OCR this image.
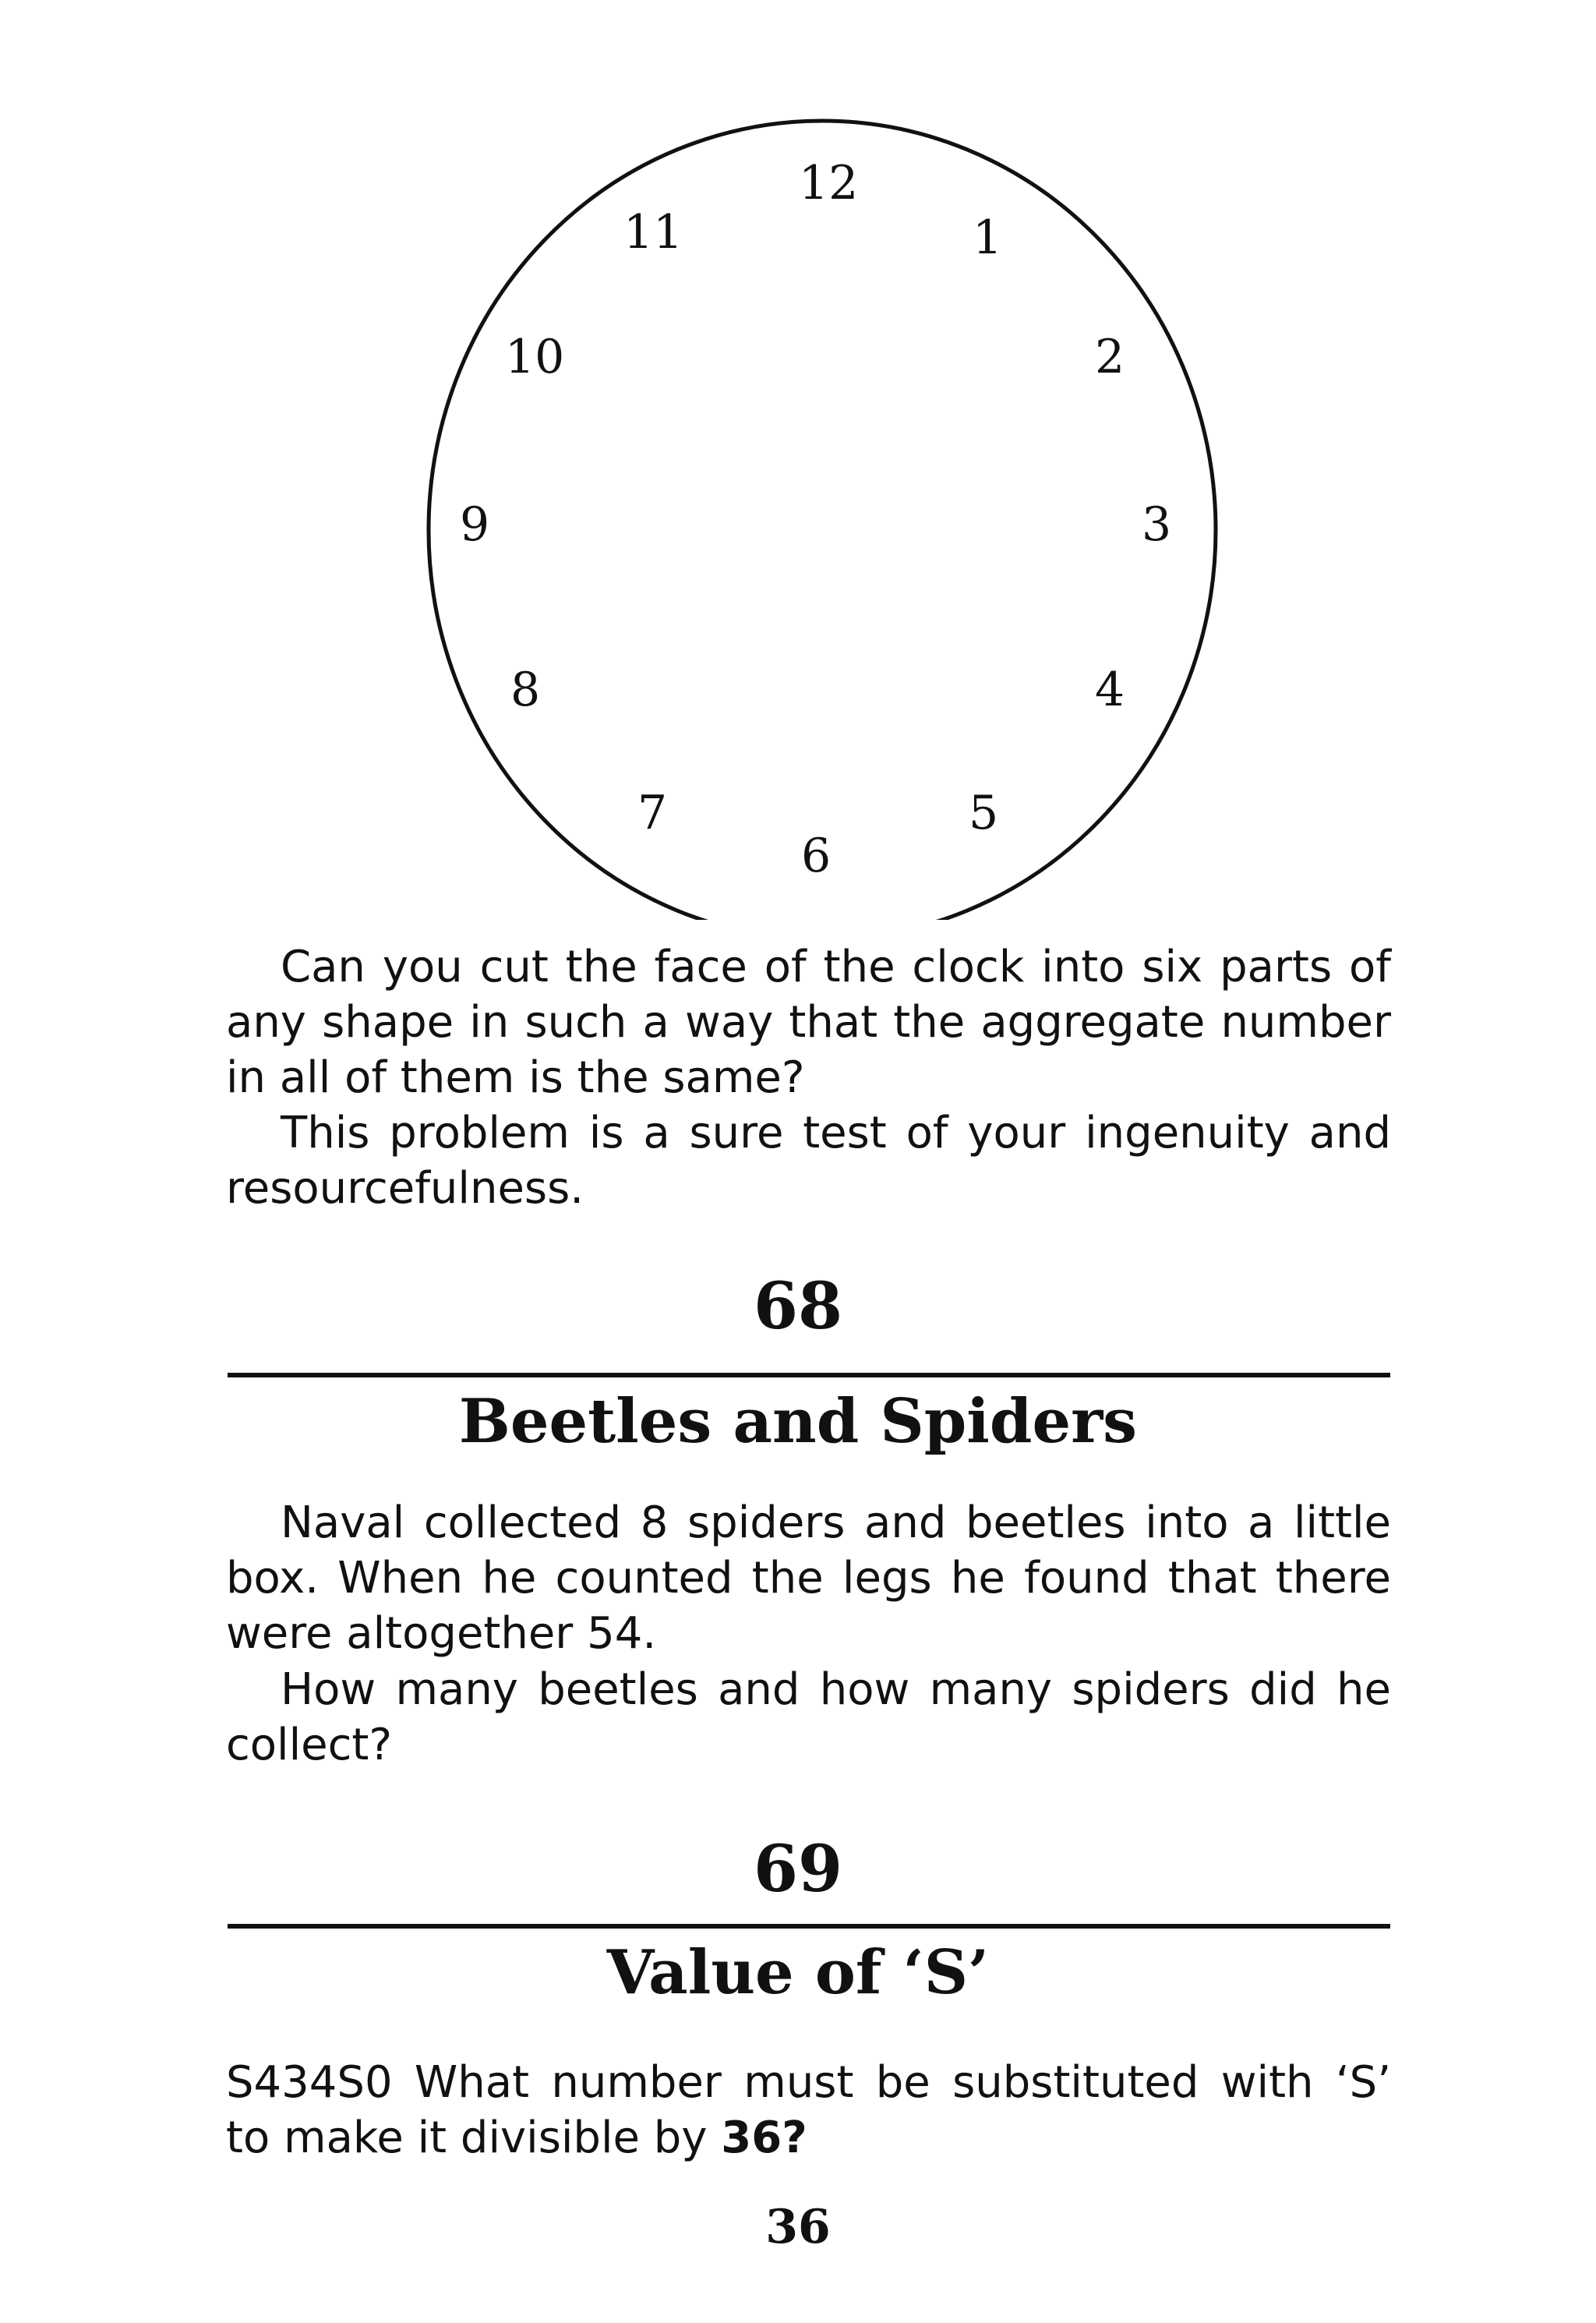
12
1
2
3
4
5
6
7
8
9
10
11

Can you cut the face of the clock into six parts of any shape in such a way that the aggregate number in all of them is the same?

This problem is a sure test of your ingenuity and resourcefulness.

68
Beetles and Spiders

Naval collected 8 spiders and beetles into a little box. When he counted the legs he found that there were altogether 54.

How many beetles and how many spiders did he collect?

69
Value of ‘S’

S434S0 What number must be substituted with ‘S’ to make it divisible by 36?

36
